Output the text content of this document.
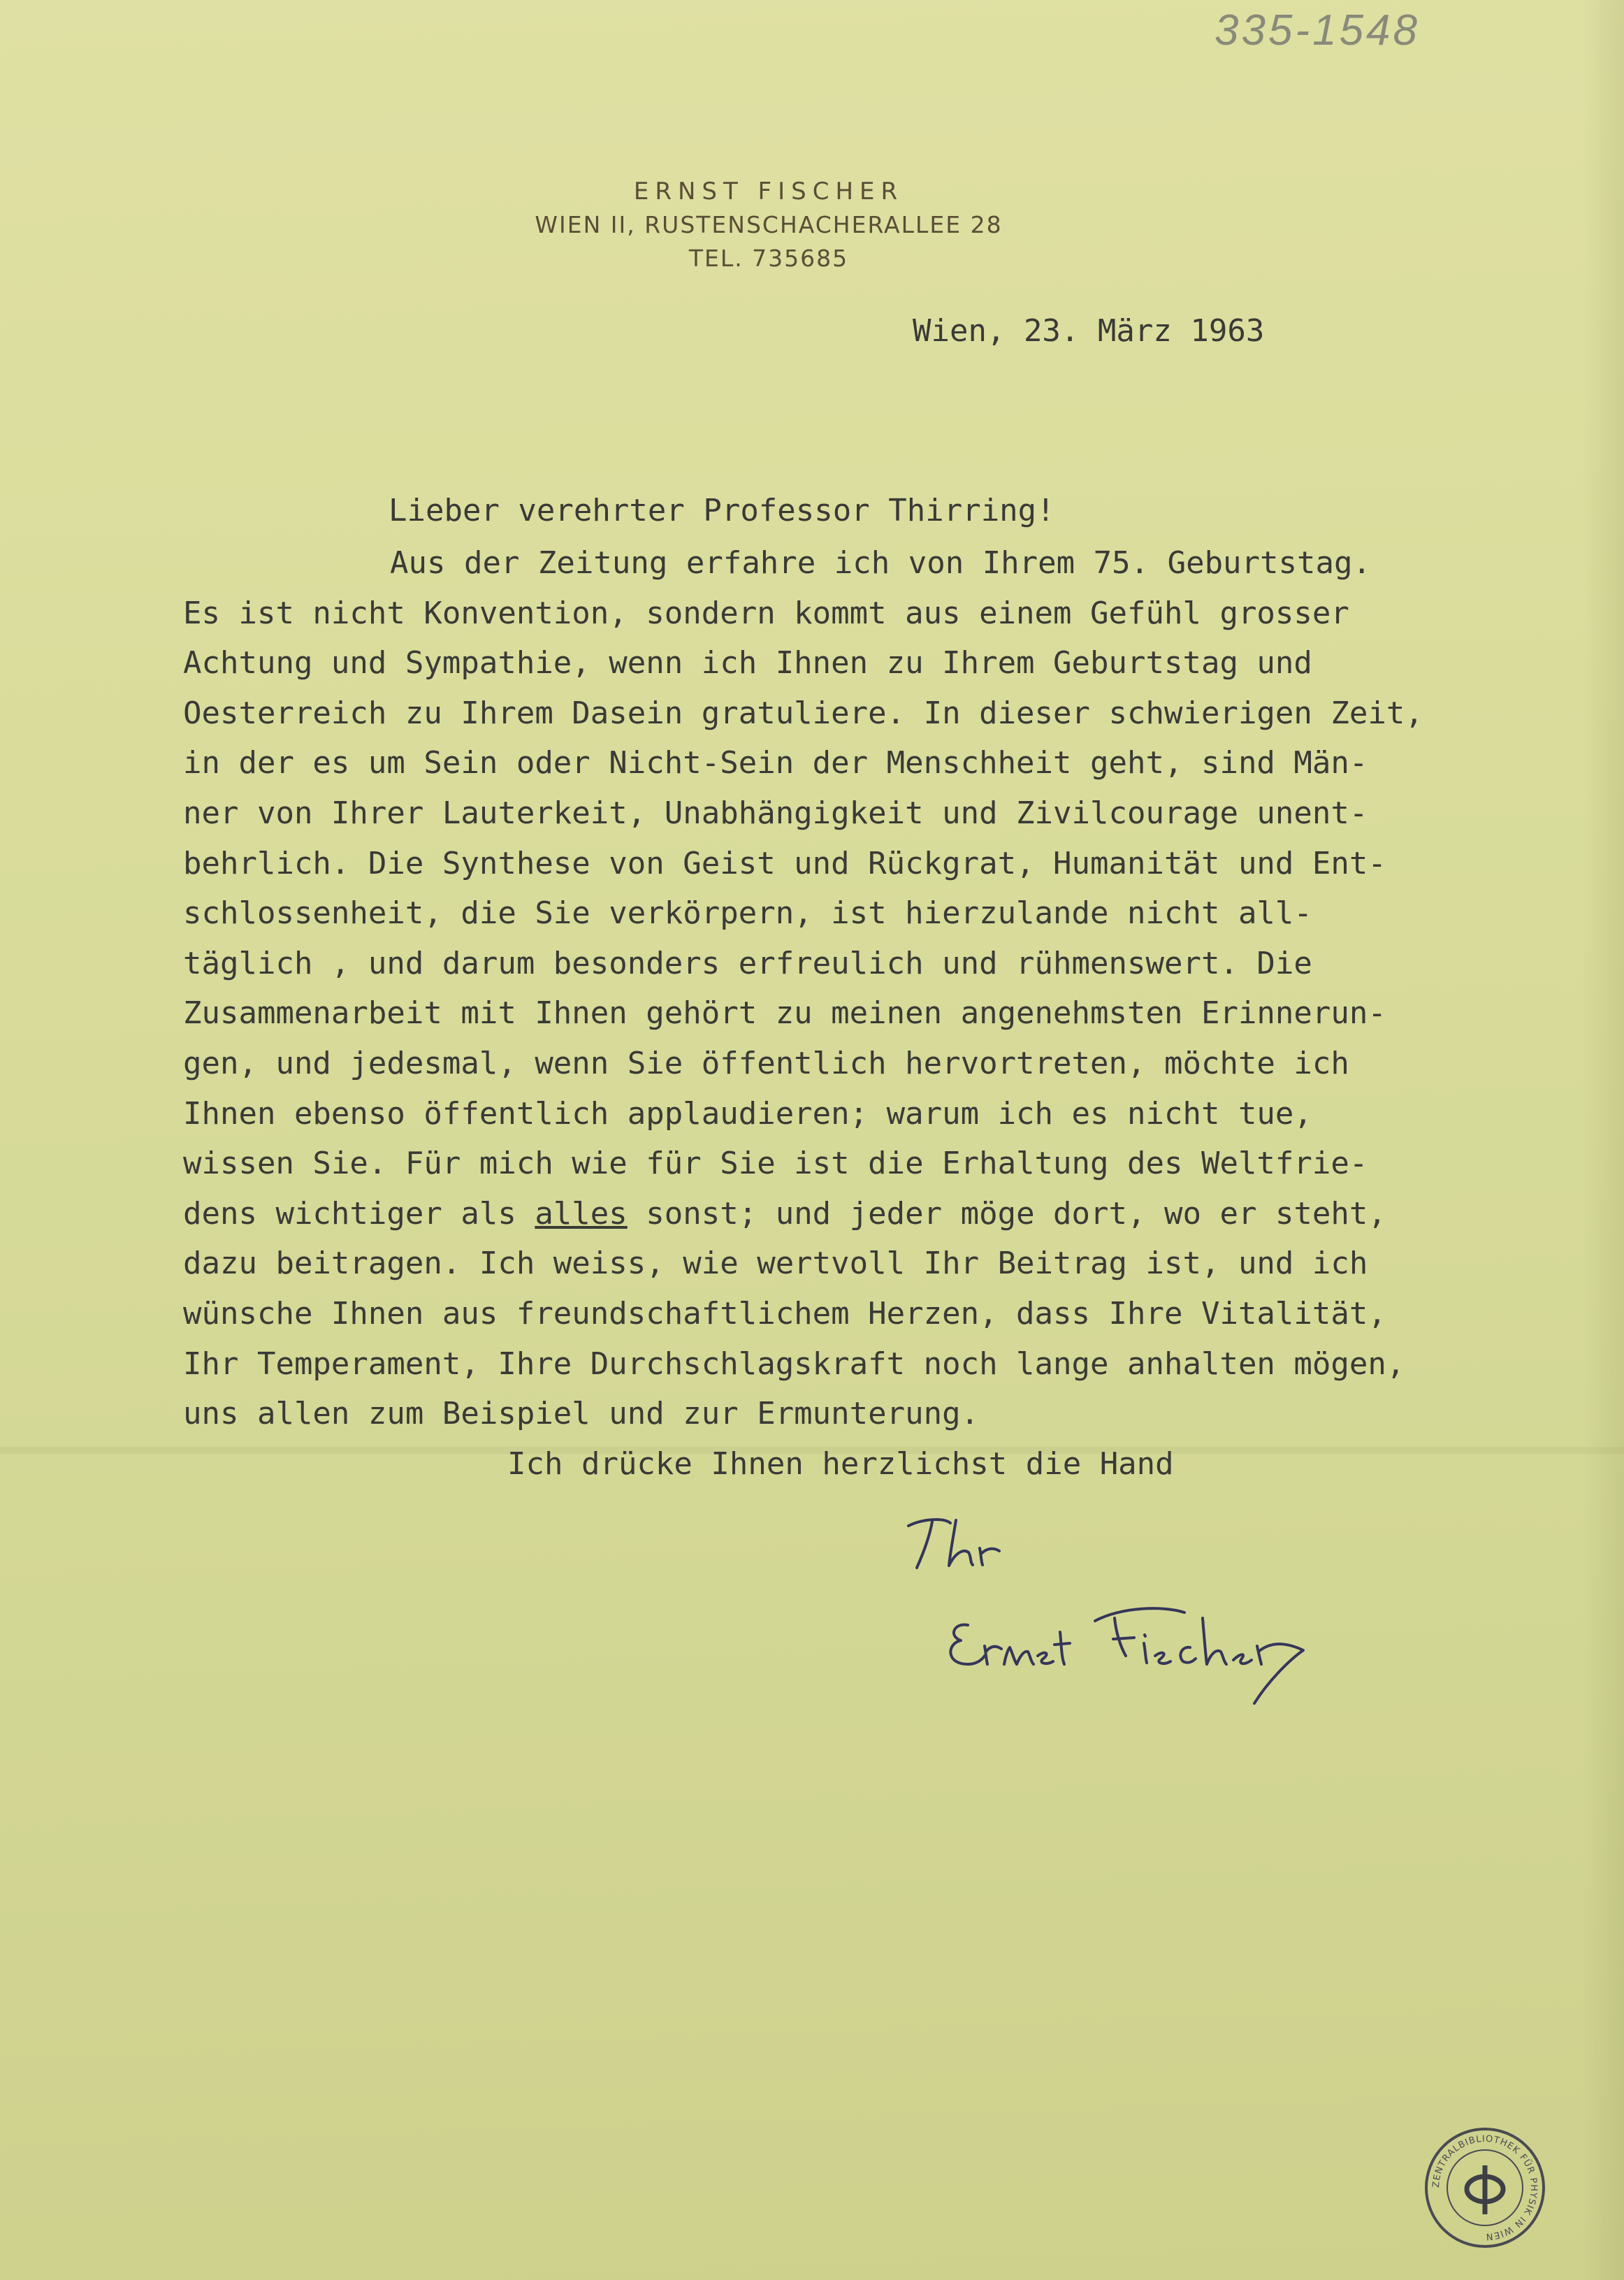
335-1548
ERNST FISCHER
WIEN II, RUSTENSCHACHERALLEE 28
TEL. 735685
Wien, 23. März 1963
Lieber verehrter Professor Thirring!
Aus der Zeitung erfahre ich von Ihrem 75. Geburtstag.
Es ist nicht Konvention, sondern kommt aus einem Gefühl grosser
Achtung und Sympathie, wenn ich Ihnen zu Ihrem Geburtstag und
Oesterreich zu Ihrem Dasein gratuliere. In dieser schwierigen Zeit,
in der es um Sein oder Nicht-Sein der Menschheit geht, sind Män-
ner von Ihrer Lauterkeit, Unabhängigkeit und Zivilcourage unent-
behrlich. Die Synthese von Geist und Rückgrat, Humanität und Ent-
schlossenheit, die Sie verkörpern, ist hierzulande nicht all-
täglich , und darum besonders erfreulich und rühmenswert. Die
Zusammenarbeit mit Ihnen gehört zu meinen angenehmsten Erinnerun-
gen, und jedesmal, wenn Sie öffentlich hervortreten, möchte ich
Ihnen ebenso öffentlich applaudieren; warum ich es nicht tue,
wissen Sie. Für mich wie für Sie ist die Erhaltung des Weltfrie-
dens wichtiger als alles sonst; und jeder möge dort, wo er steht,
dazu beitragen. Ich weiss, wie wertvoll Ihr Beitrag ist, und ich
wünsche Ihnen aus freundschaftlichem Herzen, dass Ihre Vitalität,
Ihr Temperament, Ihre Durchschlagskraft noch lange anhalten mögen,
uns allen zum Beispiel und zur Ermunterung.
Ich drücke Ihnen herzlichst die Hand
ZENTRALBIBLIOTHEK FÜR PHYSIK IN WIEN
